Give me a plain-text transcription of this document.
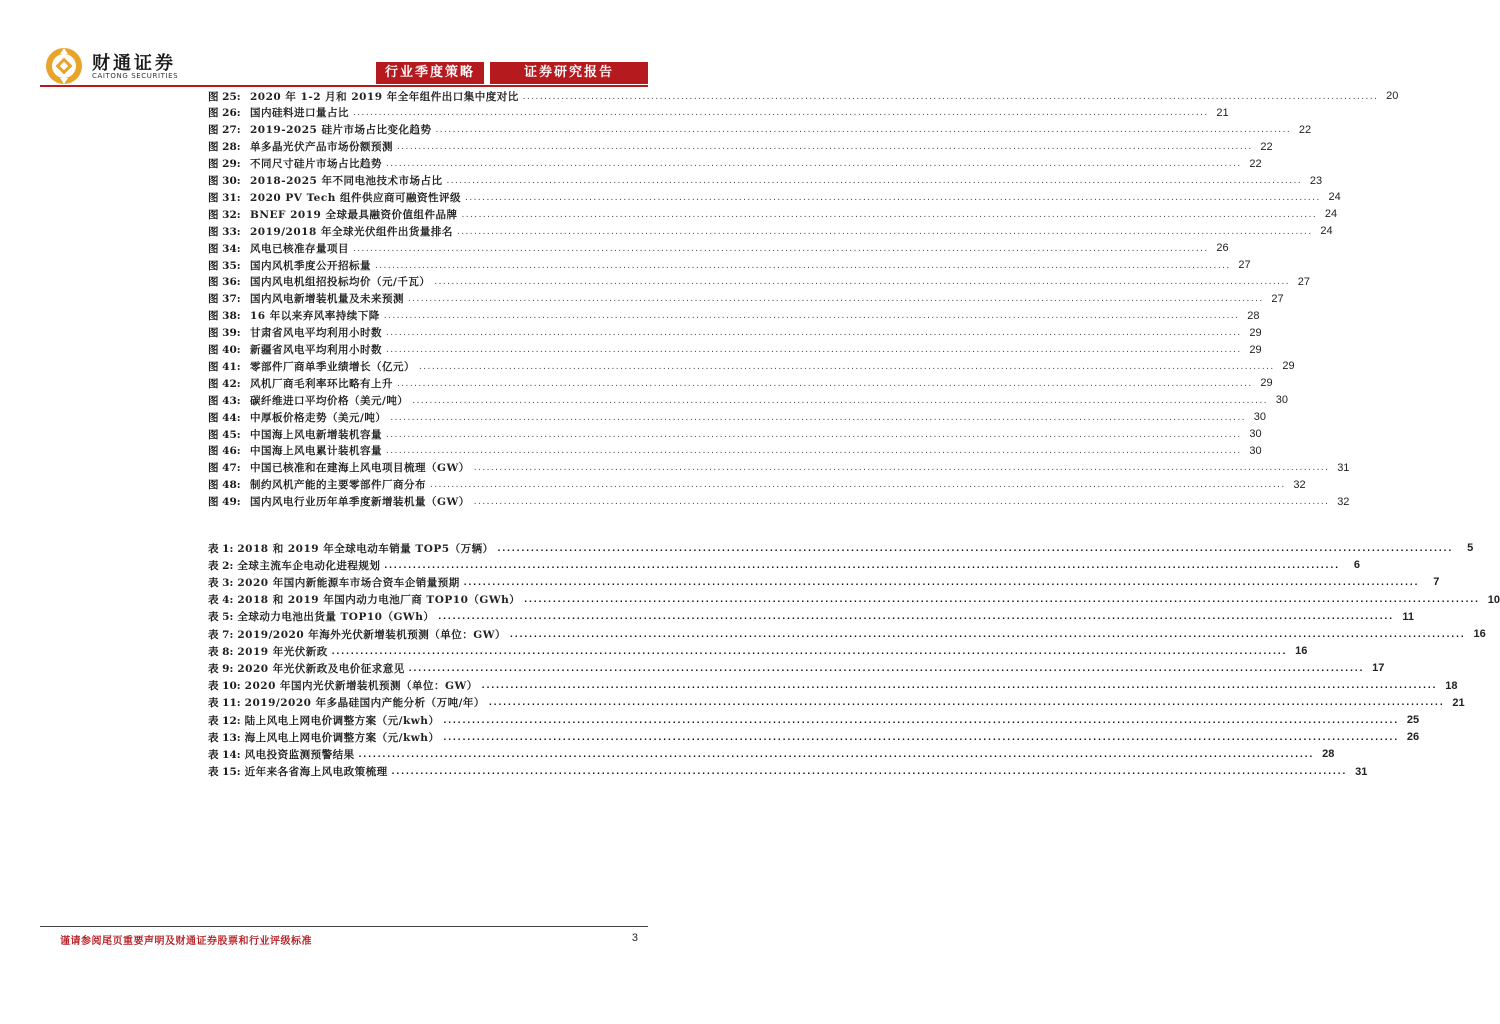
财通证券
CAITONG SECURITIES	行业季度策略	证券研究报告
图 25: 2020 年 1-2 月和 2019 年全年组件出口集中度对比 ........................................................................................................................................................................................................ 20
图 26: 国内硅料进口量占比 ........................................................................................................................................................................................................ 21
图 27: 2019-2025 硅片市场占比变化趋势 ........................................................................................................................................................................................................ 22
图 28: 单多晶光伏产品市场份额预测 ........................................................................................................................................................................................................ 22
图 29: 不同尺寸硅片市场占比趋势 ........................................................................................................................................................................................................ 22
图 30: 2018-2025 年不同电池技术市场占比 ........................................................................................................................................................................................................ 23
图 31: 2020 PV Tech 组件供应商可融资性评级 ........................................................................................................................................................................................................ 24
图 32: BNEF 2019 全球最具融资价值组件品牌 ........................................................................................................................................................................................................ 24
图 33: 2019/2018 年全球光伏组件出货量排名 ........................................................................................................................................................................................................ 24
图 34: 风电已核准存量项目 ........................................................................................................................................................................................................ 26
图 35: 国内风机季度公开招标量 ........................................................................................................................................................................................................ 27
图 36: 国内风电机组招投标均价（元/千瓦） ........................................................................................................................................................................................................ 27
图 37: 国内风电新增装机量及未来预测 ........................................................................................................................................................................................................ 27
图 38: 16 年以来弃风率持续下降 ........................................................................................................................................................................................................ 28
图 39: 甘肃省风电平均利用小时数 ........................................................................................................................................................................................................ 29
图 40: 新疆省风电平均利用小时数 ........................................................................................................................................................................................................ 29
图 41: 零部件厂商单季业绩增长（亿元） ........................................................................................................................................................................................................ 29
图 42: 风机厂商毛利率环比略有上升 ........................................................................................................................................................................................................ 29
图 43: 碳纤维进口平均价格（美元/吨） ........................................................................................................................................................................................................ 30
图 44: 中厚板价格走势（美元/吨） ........................................................................................................................................................................................................ 30
图 45: 中国海上风电新增装机容量 ........................................................................................................................................................................................................ 30
图 46: 中国海上风电累计装机容量 ........................................................................................................................................................................................................ 30
图 47: 中国已核准和在建海上风电项目梳理（GW） ........................................................................................................................................................................................................ 31
图 48: 制约风机产能的主要零部件厂商分布 ........................................................................................................................................................................................................ 32
图 49: 国内风电行业历年单季度新增装机量（GW） ........................................................................................................................................................................................................ 32
表 1: 2018 和 2019 年全球电动车销量 TOP5（万辆） ........................................................................................................................................................................................................	5
表 2: 全球主流车企电动化进程规划 ........................................................................................................................................................................................................	6
表 3: 2020 年国内新能源车市场合资车企销量预期 ........................................................................................................................................................................................................	7
表 4: 2018 和 2019 年国内动力电池厂商 TOP10（GWh） ........................................................................................................................................................................................................ 10
表 5: 全球动力电池出货量 TOP10（GWh） ........................................................................................................................................................................................................ 11
表 7: 2019/2020 年海外光伏新增装机预测（单位：GW） ........................................................................................................................................................................................................ 16
表 8: 2019 年光伏新政 ........................................................................................................................................................................................................ 16
表 9: 2020 年光伏新政及电价征求意见 ........................................................................................................................................................................................................ 17
表 10: 2020 年国内光伏新增装机预测（单位：GW） ........................................................................................................................................................................................................ 18
表 11: 2019/2020 年多晶硅国内产能分析（万吨/年） ........................................................................................................................................................................................................ 21
表 12: 陆上风电上网电价调整方案（元/kwh） ........................................................................................................................................................................................................ 25
表 13: 海上风电上网电价调整方案（元/kwh） ........................................................................................................................................................................................................ 26
表 14: 风电投资监测预警结果 ........................................................................................................................................................................................................ 28
表 15: 近年来各省海上风电政策梳理 ........................................................................................................................................................................................................ 31
谨请参阅尾页重要声明及财通证券股票和行业评级标准	3
